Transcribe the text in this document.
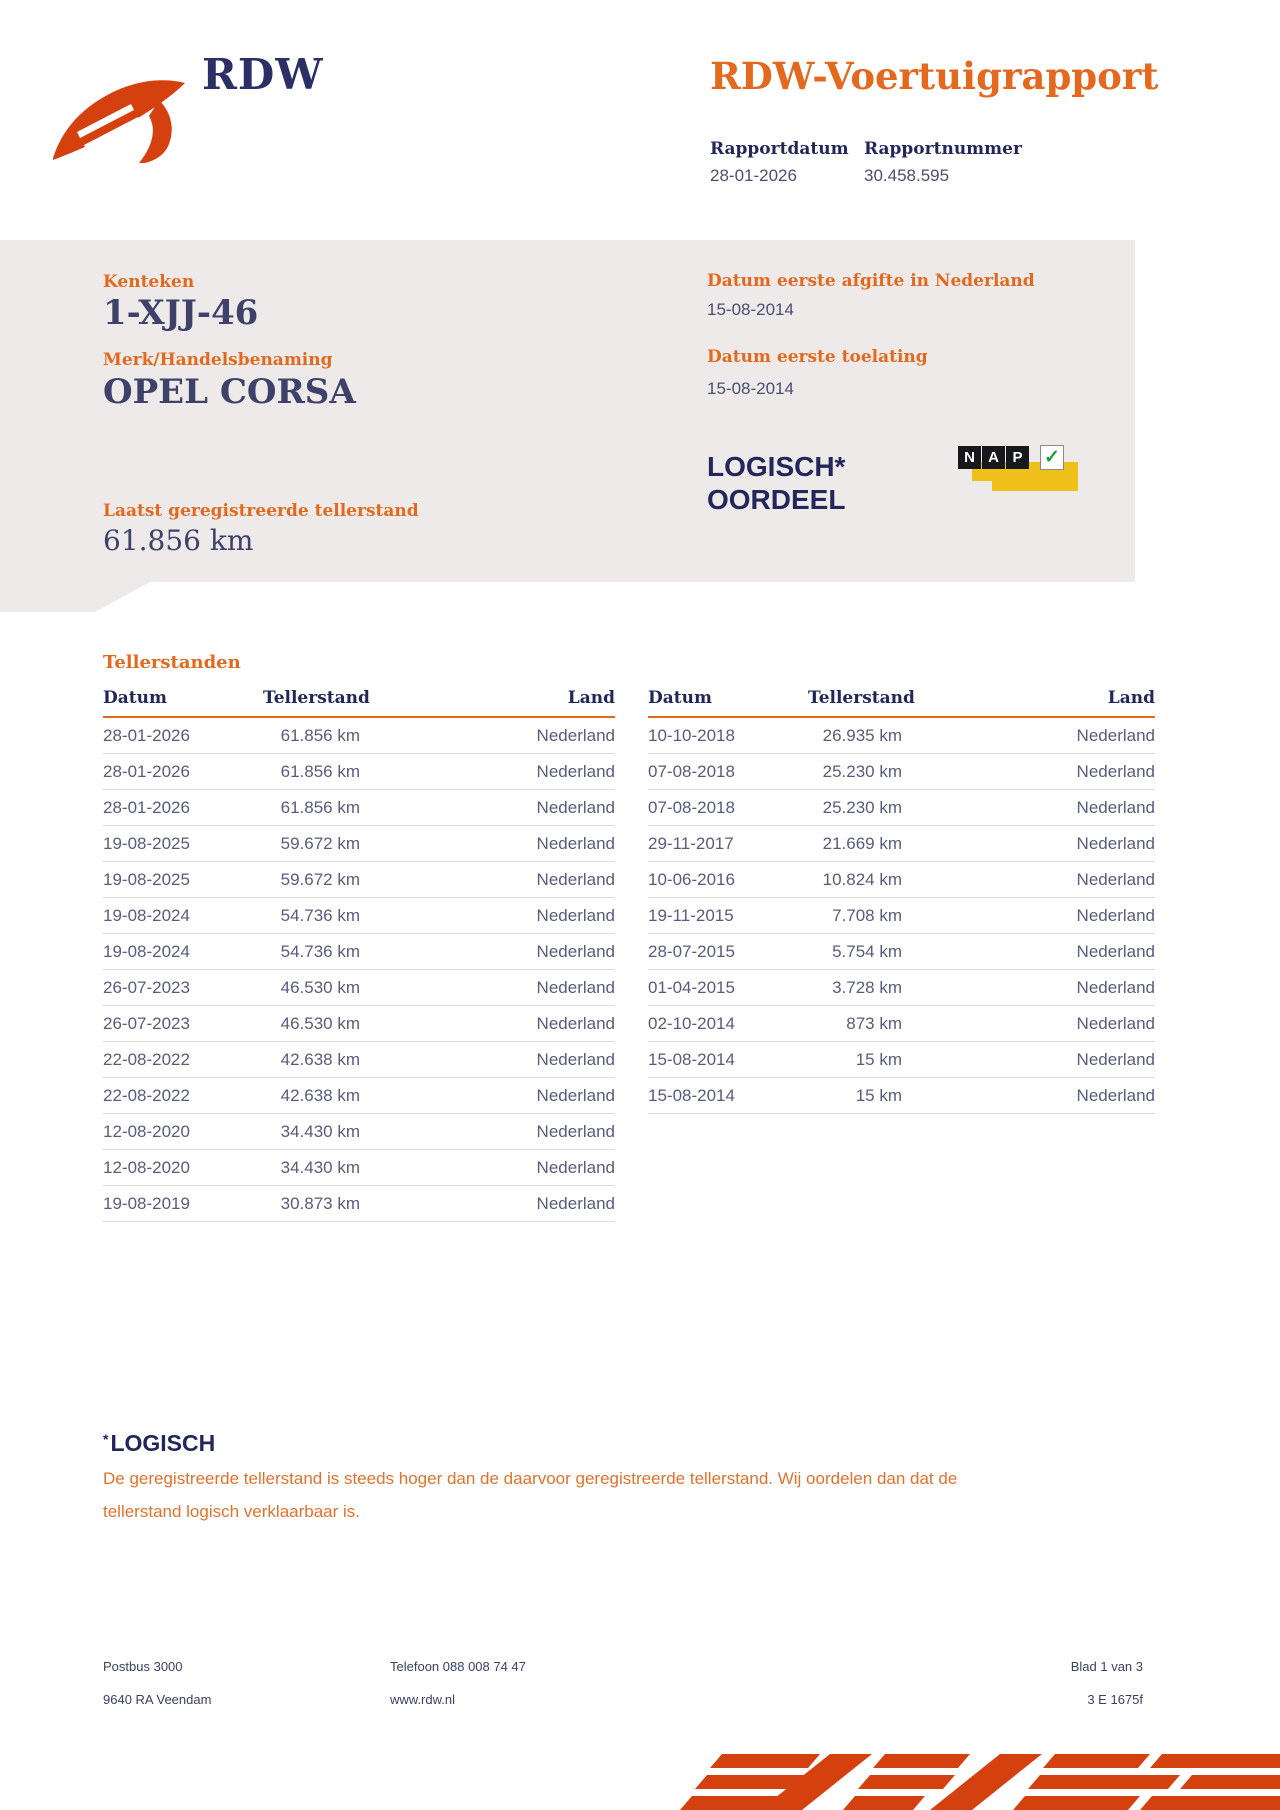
RDW	RDW-Voertuigrapport
Rapportdatum
28-01-2026
Rapportnummer
30.458.595
Kenteken
1-XJJ-46
Merk/Handelsbenaming
OPEL CORSA
Laatst geregistreerde tellerstand
61.856 km
Datum eerste afgifte in Nederland
15-08-2014
Datum eerste toelating
15-08-2014
LOGISCH*
OORDEEL
N A P	✓
Tellerstanden
Datum	Tellerstand	Land
28-01-2026	61.856 km	Nederland
28-01-2026	61.856 km	Nederland
28-01-2026	61.856 km	Nederland
19-08-2025	59.672 km	Nederland
19-08-2025	59.672 km	Nederland
19-08-2024	54.736 km	Nederland
19-08-2024	54.736 km	Nederland
26-07-2023	46.530 km	Nederland
26-07-2023	46.530 km	Nederland
22-08-2022	42.638 km	Nederland
22-08-2022	42.638 km	Nederland
12-08-2020	34.430 km	Nederland
12-08-2020	34.430 km	Nederland
19-08-2019	30.873 km	Nederland
Datum	Tellerstand	Land
10-10-2018	26.935 km	Nederland
07-08-2018	25.230 km	Nederland
07-08-2018	25.230 km	Nederland
29-11-2017	21.669 km	Nederland
10-06-2016	10.824 km	Nederland
19-11-2015	7.708 km	Nederland
28-07-2015	5.754 km	Nederland
01-04-2015	3.728 km	Nederland
02-10-2014	873 km	Nederland
15-08-2014	15 km	Nederland
15-08-2014	15 km	Nederland
*LOGISCH
De geregistreerde tellerstand is steeds hoger dan de daarvoor geregistreerde tellerstand. Wij oordelen dan dat de tellerstand logisch verklaarbaar is.
Postbus 3000
9640 RA Veendam
Telefoon 088 008 74 47
www.rdw.nl
Blad 1 van 3
3 E 1675f
